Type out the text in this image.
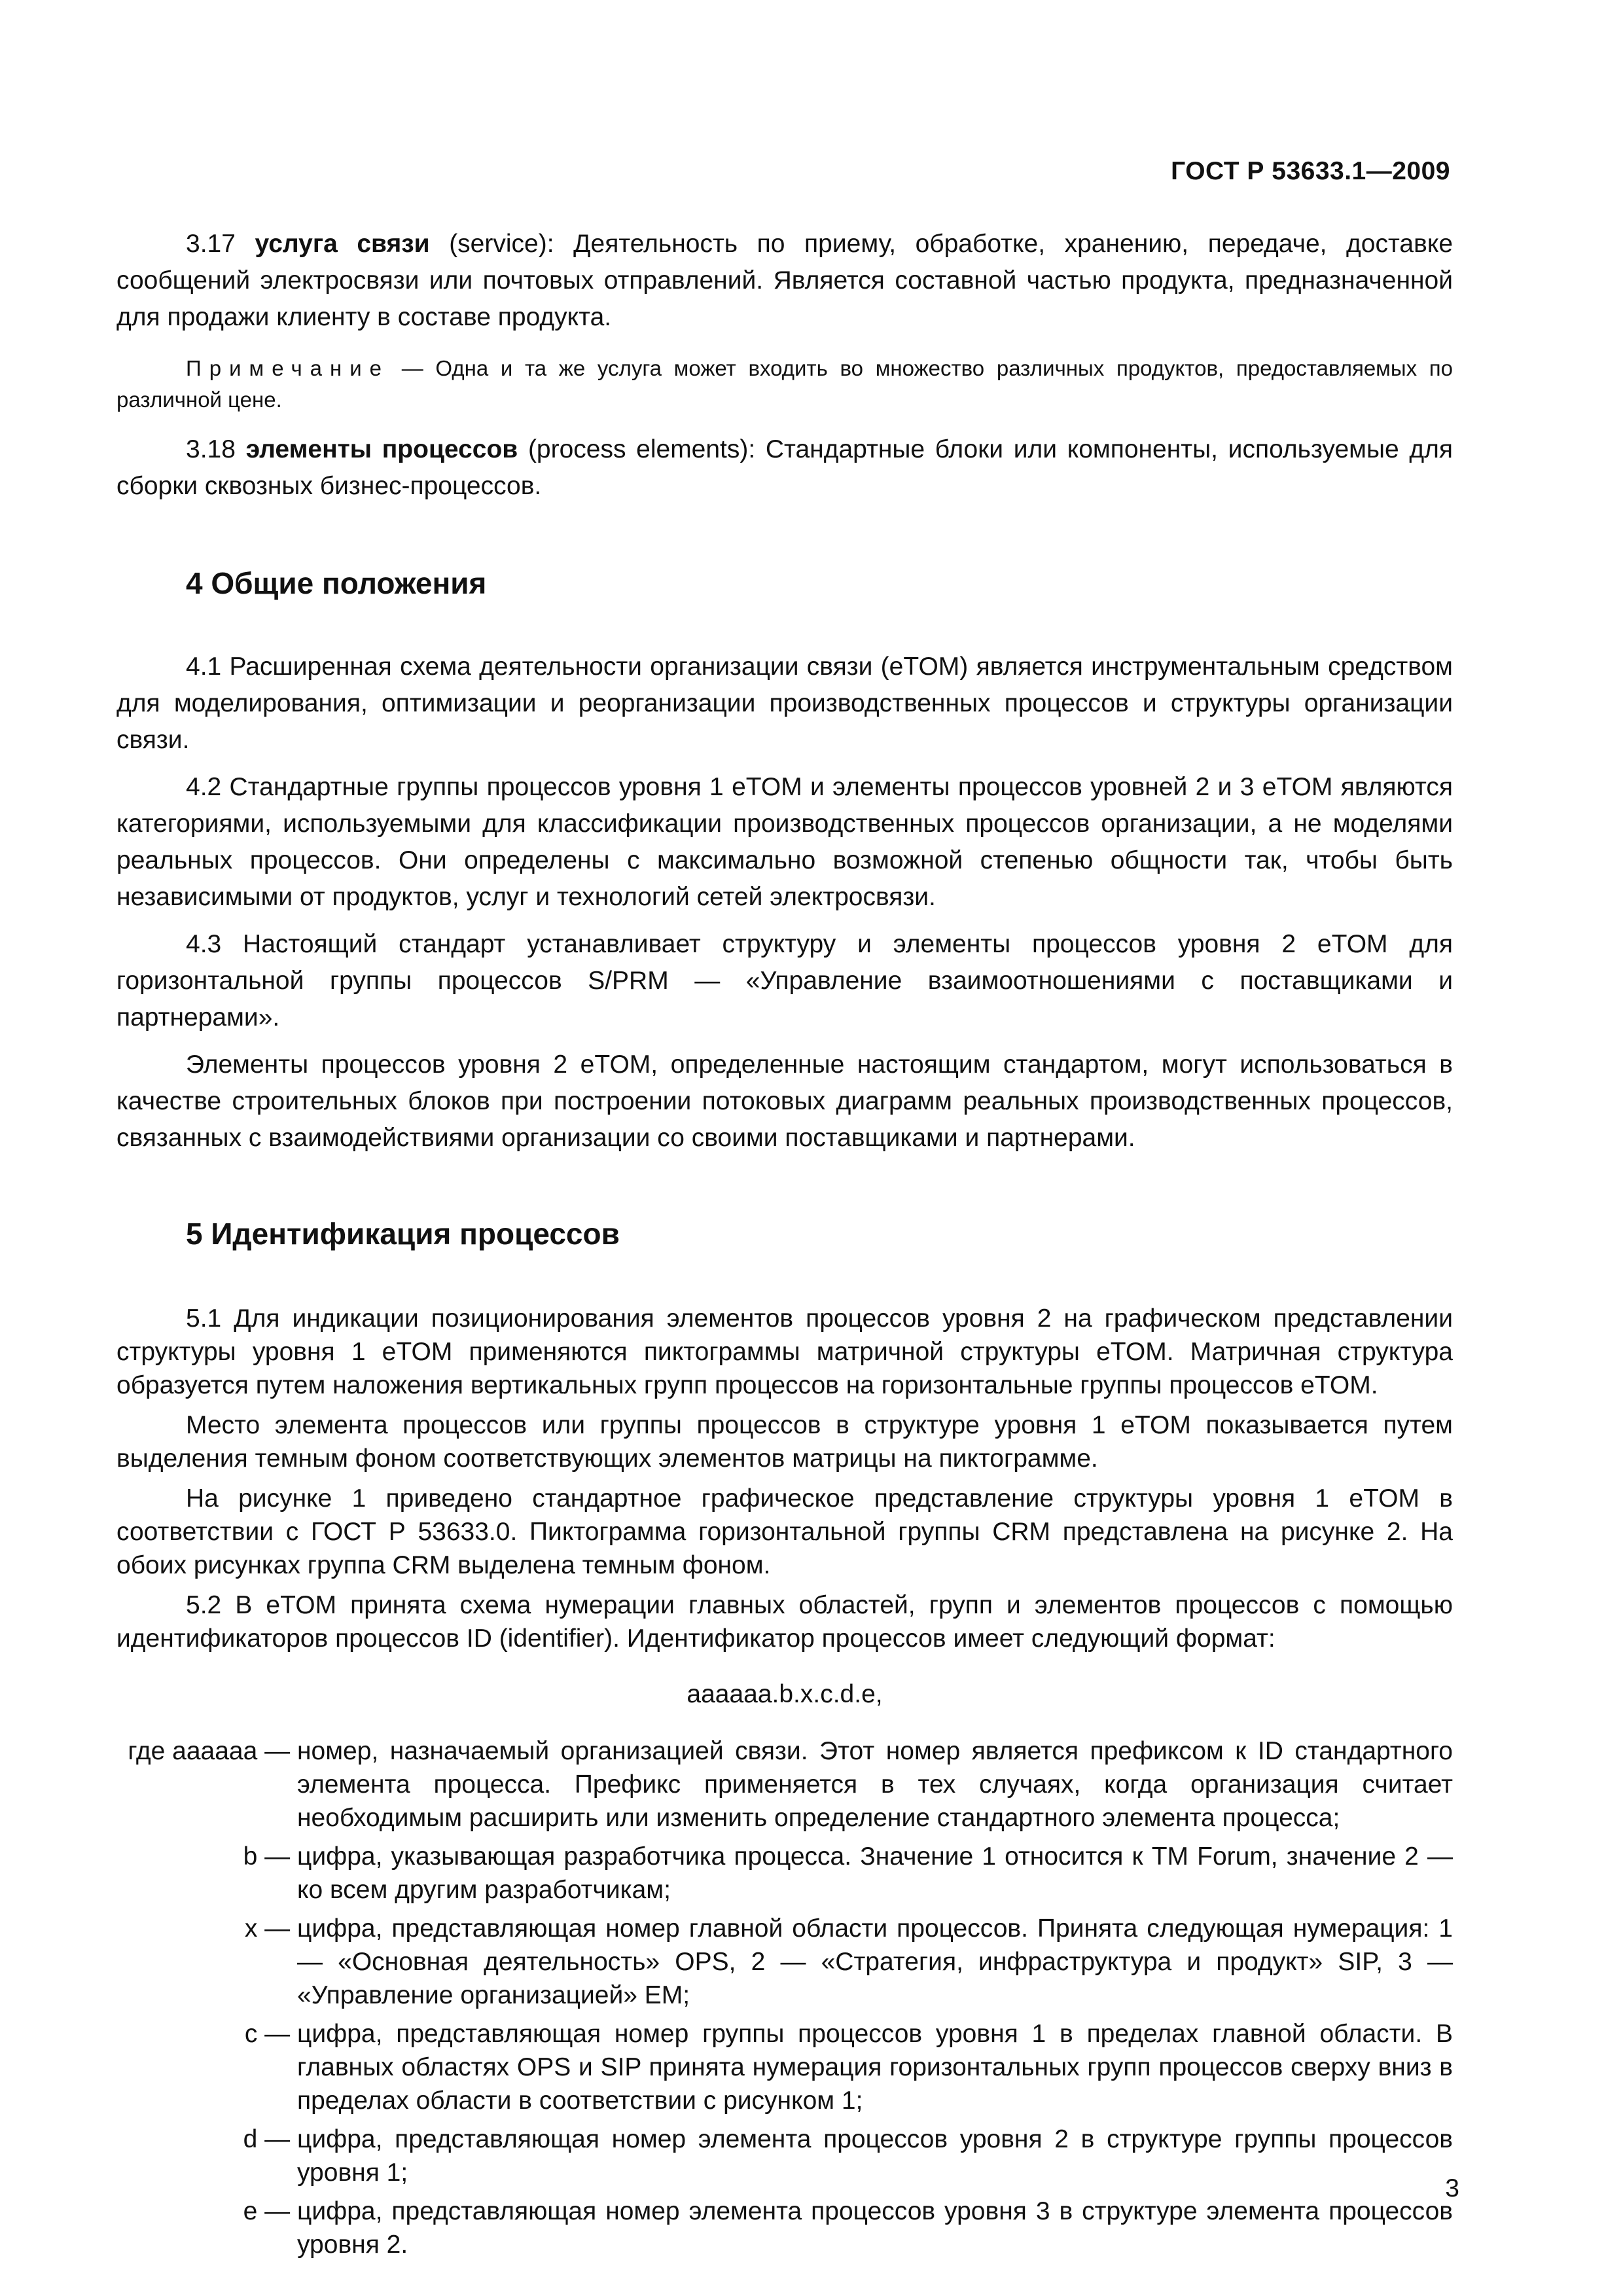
ГОСТ Р 53633.1—2009

3.17 услуга связи (service): Деятельность по приему, обработке, хранению, передаче, доставке сообщений электросвязи или почтовых отправлений. Является составной частью продукта, предназначенной для продажи клиенту в составе продукта.

Примечание — Одна и та же услуга может входить во множество различных продуктов, предоставляемых по различной цене.

3.18 элементы процессов (process elements): Стандартные блоки или компоненты, используемые для сборки сквозных бизнес-процессов.

4 Общие положения

4.1 Расширенная схема деятельности организации связи (eTOM) является инструментальным средством для моделирования, оптимизации и реорганизации производственных процессов и структуры организации связи.

4.2 Стандартные группы процессов уровня 1 eTOM и элементы процессов уровней 2 и 3 eTOM являются категориями, используемыми для классификации производственных процессов организации, а не моделями реальных процессов. Они определены с максимально возможной степенью общности так, чтобы быть независимыми от продуктов, услуг и технологий сетей электросвязи.

4.3 Настоящий стандарт устанавливает структуру и элементы процессов уровня 2 eTOM для горизонтальной группы процессов S/PRM — «Управление взаимоотношениями с поставщиками и партнерами».

Элементы процессов уровня 2 eTOM, определенные настоящим стандартом, могут использоваться в качестве строительных блоков при построении потоковых диаграмм реальных производственных процессов, связанных с взаимодействиями организации со своими поставщиками и партнерами.

5 Идентификация процессов

5.1 Для индикации позиционирования элементов процессов уровня 2 на графическом представлении структуры уровня 1 eTOM применяются пиктограммы матричной структуры eTOM. Матричная структура образуется путем наложения вертикальных групп процессов на горизонтальные группы процессов eTOM.

Место элемента процессов или группы процессов в структуре уровня 1 eTOM показывается путем выделения темным фоном соответствующих элементов матрицы на пиктограмме.

На рисунке 1 приведено стандартное графическое представление структуры уровня 1 eTOM в соответствии с ГОСТ Р 53633.0. Пиктограмма горизонтальной группы CRM представлена на рисунке 2. На обоих рисунках группа CRM выделена темным фоном.

5.2 В eTOM принята схема нумерации главных областей, групп и элементов процессов с помощью идентификаторов процессов ID (identifier). Идентификатор процессов имеет следующий формат:

aaaaaa.b.x.c.d.e,

где aaaaaa — номер, назначаемый организацией связи. Этот номер является префиксом к ID стандартного элемента процесса. Префикс применяется в тех случаях, когда организация считает необходимым расширить или изменить определение стандартного элемента процесса;
b — цифра, указывающая разработчика процесса. Значение 1 относится к TM Forum, значение 2 — ко всем другим разработчикам;
x — цифра, представляющая номер главной области процессов. Принята следующая нумерация: 1 — «Основная деятельность» OPS, 2 — «Стратегия, инфраструктура и продукт» SIP, 3 — «Управление организацией» EM;
c — цифра, представляющая номер группы процессов уровня 1 в пределах главной области. В главных областях OPS и SIP принята нумерация горизонтальных групп процессов сверху вниз в пределах области в соответствии с рисунком 1;
d — цифра, представляющая номер элемента процессов уровня 2 в структуре группы процессов уровня 1;
e — цифра, представляющая номер элемента процессов уровня 3 в структуре элемента процессов уровня 2.
3
